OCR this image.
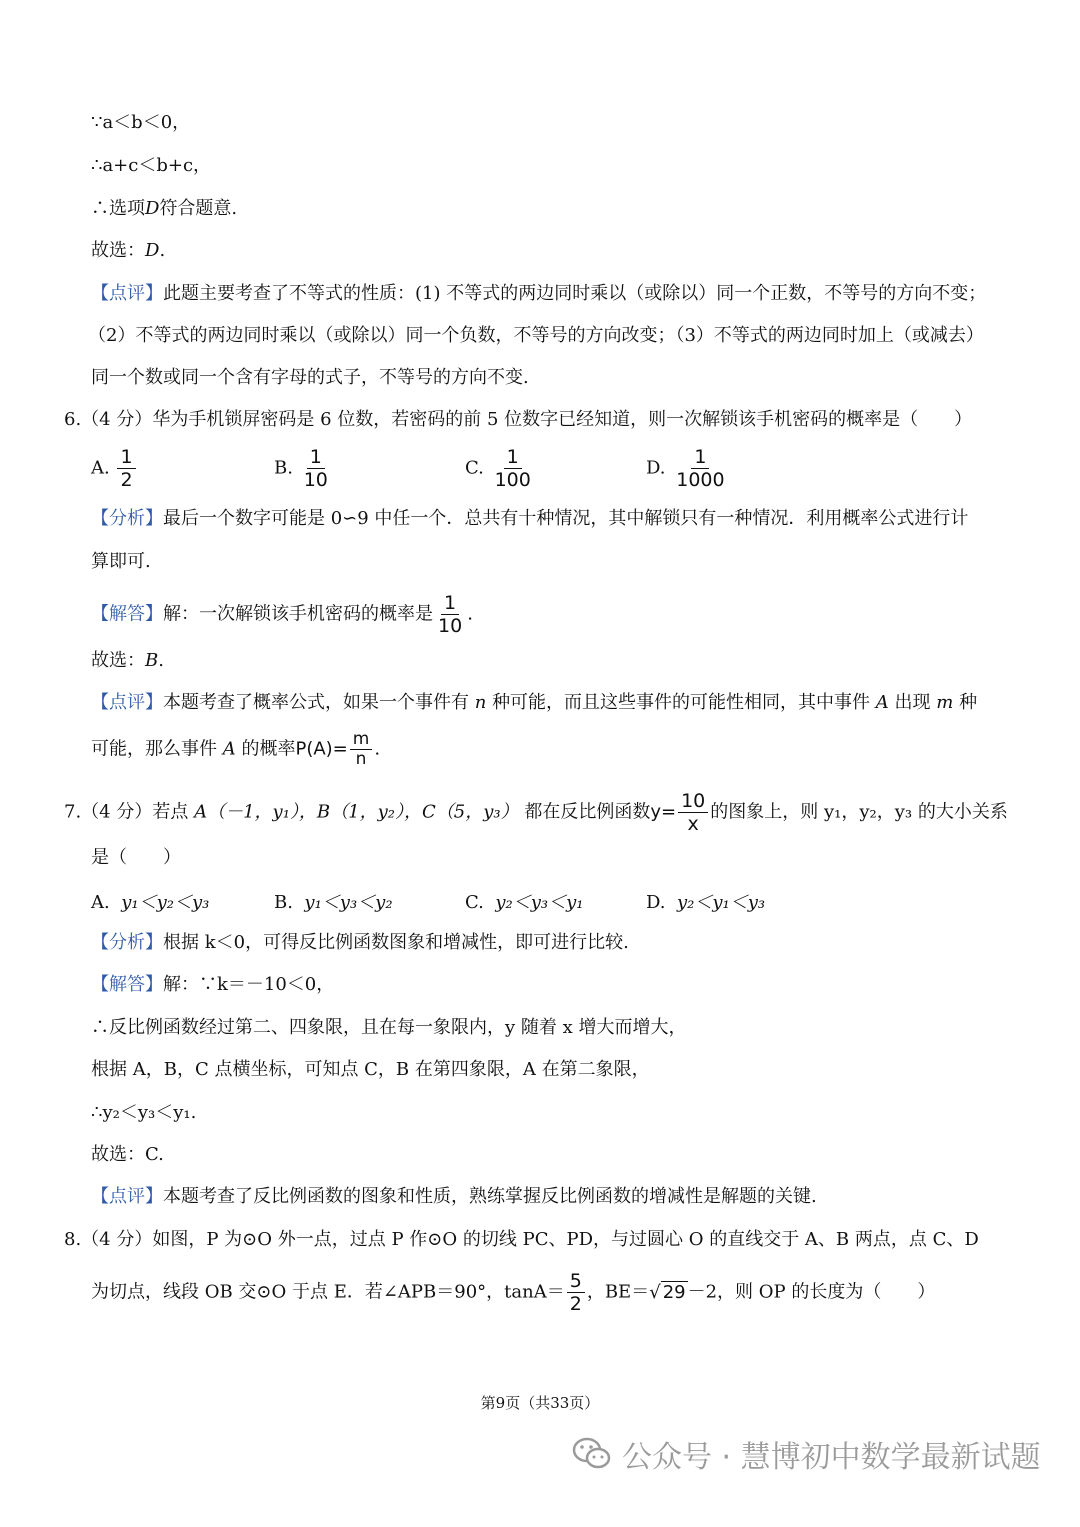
∵a＜b＜0，
∴a+c＜b+c，
∴选项D符合题意.
故选：D.
【点评】此题主要考查了不等式的性质：(1) 不等式的两边同时乘以（或除以）同一个正数，不等号的方向不变；
（2）不等式的两边同时乘以（或除以）同一个负数，不等号的方向改变；（3）不等式的两边同时加上（或减去）
同一个数或同一个含有字母的式子，不等号的方向不变.
6.（4 分）华为手机锁屏密码是 6 位数，若密码的前 5 位数字已经知道，则一次解锁该手机密码的概率是（　　）
A. $\frac{1}{2}$	B. $\frac{1}{10}$	C. $\frac{1}{100}$	D. $\frac{1}{1000}$
【分析】最后一个数字可能是 0∽9 中任一个．总共有十种情况，其中解锁只有一种情况．利用概率公式进行计
算即可.
【解答】解：一次解锁该手机密码的概率是 $\frac{1}{10}$ .
故选：B.
【点评】本题考查了概率公式，如果一个事件有 n 种可能，而且这些事件的可能性相同，其中事件 A 出现 m 种
可能，那么事件 A 的概率$P(A)= \frac{m}{n}$ .
7.（4 分）若点 A（－1，y₁），B（1，y₂），C（5，y₃） 都在反比例函数$y= \frac{10}{x}$ 的图象上，则 y₁，y₂，y₃ 的大小关系
是（　　）
A. y₁＜y₂＜y₃	B. y₁＜y₃＜y₂	C. y₂＜y₃＜y₁	D. y₂＜y₁＜y₃
【分析】根据 k＜0，可得反比例函数图象和增减性，即可进行比较.
【解答】解：∵k＝－10＜0，
∴反比例函数经过第二、四象限，且在每一象限内，y 随着 x 增大而增大，
根据 A，B，C 点横坐标，可知点 C，B 在第四象限，A 在第二象限，
∴y₂＜y₃＜y₁.
故选：C.
【点评】本题考查了反比例函数的图象和性质，熟练掌握反比例函数的增减性是解题的关键.
8.（4 分）如图，P 为⊙O 外一点，过点 P 作⊙O 的切线 PC、PD，与过圆心 O 的直线交于 A、B 两点，点 C、D
为切点，线段 OB 交⊙O 于点 E．若∠APB＝90°，$\tan A= \frac{5}{2}$ ，BE＝√ 29 －2，则 OP 的长度为（　　）
第9页（共33页）
公众号 · 慧博初中数学最新试题
